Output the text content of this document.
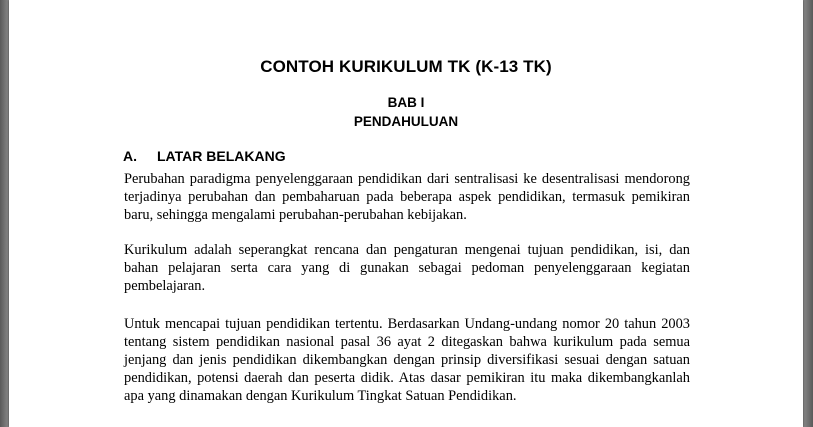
CONTOH KURIKULUM TK (K-13 TK)
BAB I
PENDAHULUAN
A. LATAR BELAKANG

Perubahan paradigma penyelenggaraan pendidikan dari sentralisasi ke desentralisasi mendorong terjadinya perubahan dan pembaharuan pada beberapa aspek pendidikan, termasuk pemikiran baru, sehingga mengalami perubahan-perubahan kebijakan.

Kurikulum adalah seperangkat rencana dan pengaturan mengenai tujuan pendidikan, isi, dan bahan pelajaran serta cara yang di gunakan sebagai pedoman penyelenggaraan kegiatan pembelajaran.

Untuk mencapai tujuan pendidikan tertentu. Berdasarkan Undang-undang nomor 20 tahun 2003 tentang sistem pendidikan nasional pasal 36 ayat 2 ditegaskan bahwa kurikulum pada semua jenjang dan jenis pendidikan dikembangkan dengan prinsip diversifikasi sesuai dengan satuan pendidikan, potensi daerah dan peserta didik. Atas dasar pemikiran itu maka dikembangkanlah apa yang dinamakan dengan Kurikulum Tingkat Satuan Pendidikan.
